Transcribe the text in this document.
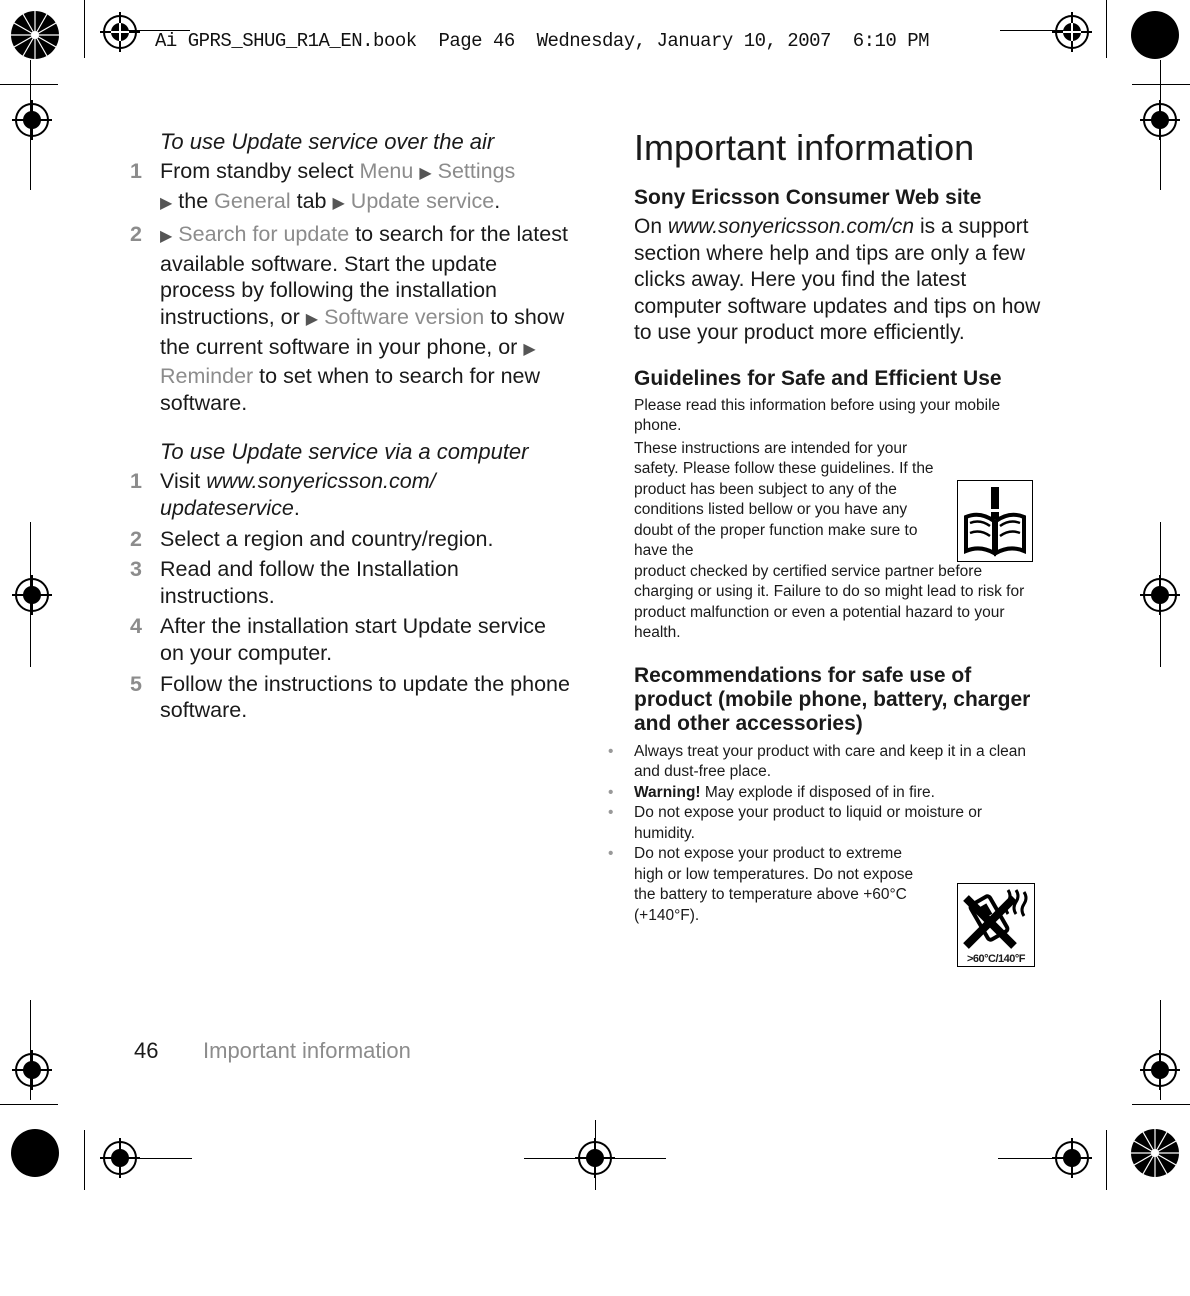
Ai GPRS_SHUG_R1A_EN.book  Page 46  Wednesday, January 10, 2007  6:10 PM
To use Update service over the air
1 From standby select Menu ▶ Settings
▶ the General tab ▶ Update service.
2	▶ Search for update to search for the latest available software. Start the update process by following the installation instructions, or ▶ Software version to show the current software in your phone, or ▶ Reminder to set when to search for new software.
To use Update service via a computer
1 Visit www.sonyericsson.com/ updateservice.
2 Select a region and country/region.
3 Read and follow the Installation instructions.
4 After the installation start Update service on your computer.
5 Follow the instructions to update the phone software.
Important information
Sony Ericsson Consumer Web site

On www.sonyericsson.com/cn is a support section where help and tips are only a few clicks away. Here you find the latest computer software updates and tips on how to use your product more efficiently.

Guidelines for Safe and Efficient Use

Please read this information before using your mobile phone.

These instructions are intended for your safety. Please follow these guidelines. If the product has been subject to any of the conditions listed bellow or you have any doubt of the proper function make sure to have the

product checked by certified service partner before charging or using it. Failure to do so might lead to risk for product malfunction or even a potential hazard to your health.

Recommendations for safe use of product (mobile phone, battery, charger and other accessories)
•	Always treat your product with care and keep it in a clean and dust-free place.
•	Warning! May explode if disposed of in fire.
•	Do not expose your product to liquid or moisture or humidity.
•	Do not expose your product to extreme high or low temperatures. Do not expose the battery to temperature above +60°C (+140°F).
>60°C/140°F
46 Important information
